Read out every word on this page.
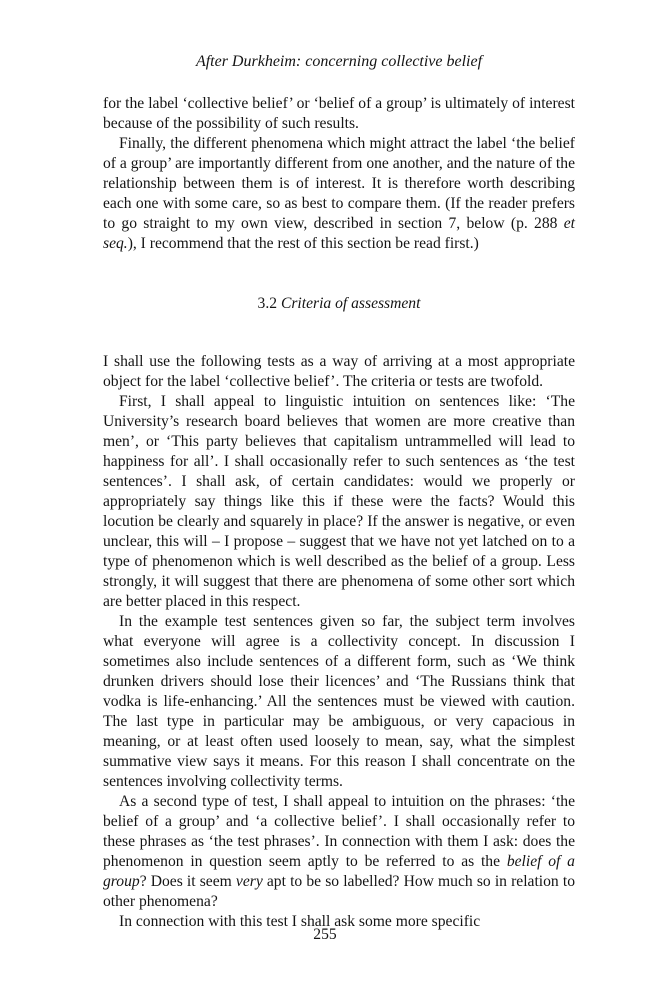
After Durkheim: concerning collective belief

for the label ‘collective belief’ or ‘belief of a group’ is ultimately of interest because of the possibility of such results.

Finally, the different phenomena which might attract the label ‘the belief of a group’ are importantly different from one another, and the nature of the relationship between them is of interest. It is therefore worth describing each one with some care, so as best to compare them. (If the reader prefers to go straight to my own view, described in section 7, below (p. 288 et seq.), I recommend that the rest of this section be read first.)

3.2 Criteria of assessment

I shall use the following tests as a way of arriving at a most appropriate object for the label ‘collective belief’. The criteria or tests are twofold.

First, I shall appeal to linguistic intuition on sentences like: ‘The University’s research board believes that women are more creative than men’, or ‘This party believes that capitalism untrammelled will lead to happiness for all’. I shall occasionally refer to such sentences as ‘the test sentences’. I shall ask, of certain candidates: would we properly or appropriately say things like this if these were the facts? Would this locution be clearly and squarely in place? If the answer is negative, or even unclear, this will – I propose – suggest that we have not yet latched on to a type of phenomenon which is well described as the belief of a group. Less strongly, it will suggest that there are phenomena of some other sort which are better placed in this respect.

In the example test sentences given so far, the subject term involves what everyone will agree is a collectivity concept. In discussion I sometimes also include sentences of a different form, such as ‘We think drunken drivers should lose their licences’ and ‘The Russians think that vodka is life-enhancing.’ All the sentences must be viewed with caution. The last type in particular may be ambiguous, or very capacious in meaning, or at least often used loosely to mean, say, what the simplest summative view says it means. For this reason I shall concentrate on the sentences involving collectivity terms.

As a second type of test, I shall appeal to intuition on the phrases: ‘the belief of a group’ and ‘a collective belief’. I shall occasionally refer to these phrases as ‘the test phrases’. In connection with them I ask: does the phenomenon in question seem aptly to be referred to as the belief of a group? Does it seem very apt to be so labelled? How much so in relation to other phenomena?

In connection with this test I shall ask some more specific

255
